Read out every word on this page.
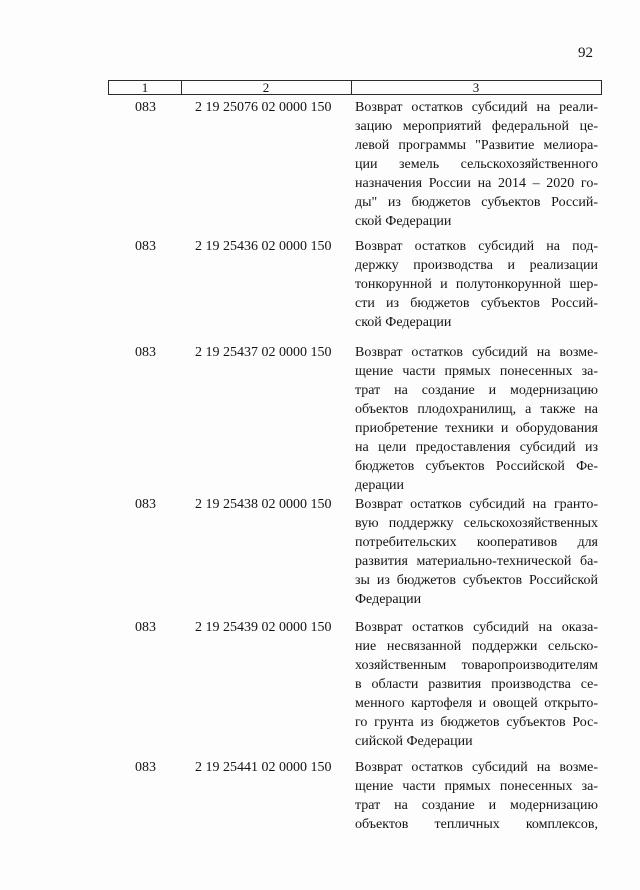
92
1	2	3
083	2 19 25076 02 0000 150 Возврат остатков субсидий на реали-
зацию мероприятий федеральной це-
левой программы "Развитие мелиора-
ции земель сельскохозяйственного
назначения России на 2014 – 2020 го-
ды" из бюджетов субъектов Россий-
ской Федерации
083	2 19 25436 02 0000 150 Возврат остатков субсидий на под-
держку производства и реализации
тонкорунной и полутонкорунной шер-
сти из бюджетов субъектов Россий-
ской Федерации
083	2 19 25437 02 0000 150 Возврат остатков субсидий на возме-
щение части прямых понесенных за-
трат на создание и модернизацию
объектов плодохранилищ, а также на
приобретение техники и оборудования
на цели предоставления субсидий из
бюджетов субъектов Российской Фе-
дерации
083	2 19 25438 02 0000 150 Возврат остатков субсидий на гранто-
вую поддержку сельскохозяйственных
потребительских кооперативов для
развития материально-технической ба-
зы из бюджетов субъектов Российской
Федерации
083	2 19 25439 02 0000 150 Возврат остатков субсидий на оказа-
ние несвязанной поддержки сельско-
хозяйственным товаропроизводителям
в области развития производства се-
менного картофеля и овощей открыто-
го грунта из бюджетов субъектов Рос-
сийской Федерации
083	2 19 25441 02 0000 150 Возврат остатков субсидий на возме-
щение части прямых понесенных за-
трат на создание и модернизацию
объектов тепличных комплексов,
